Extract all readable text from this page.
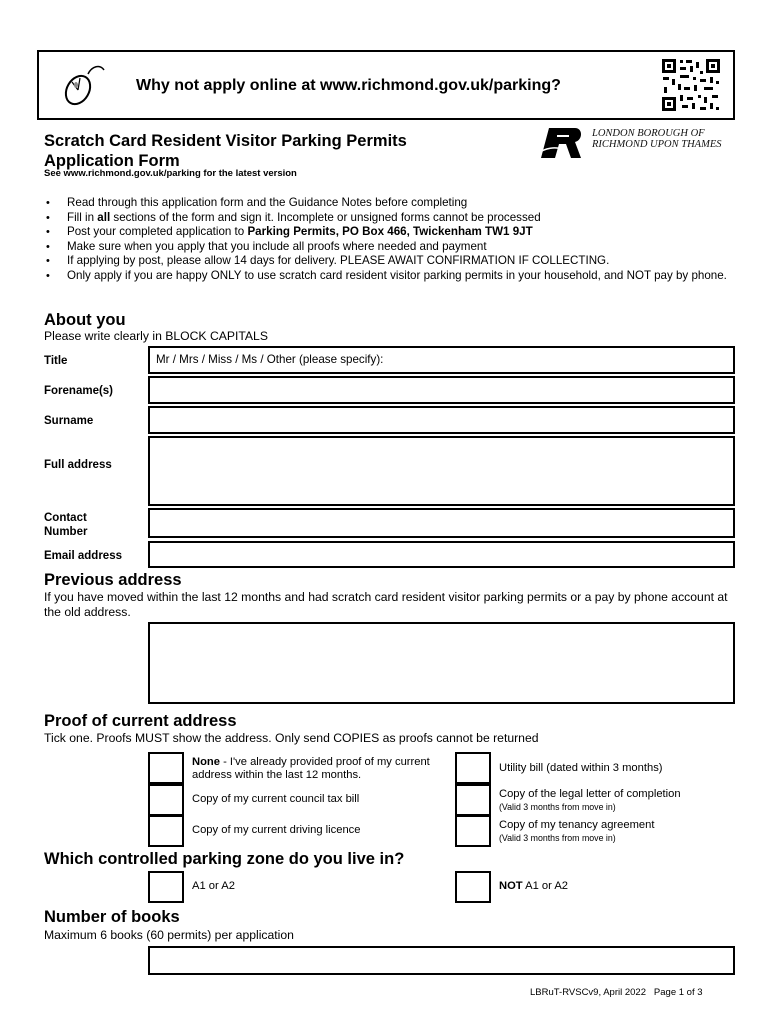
Why not apply online at www.richmond.gov.uk/parking?
Scratch Card Resident Visitor Parking Permits
Application Form
See www.richmond.gov.uk/parking for the latest version
LONDON BOROUGH OF
RICHMOND UPON THAMES
• Read through this application form and the Guidance Notes before completing
• Fill in all sections of the form and sign it. Incomplete or unsigned forms cannot be processed
• Post your completed application to Parking Permits, PO Box 466, Twickenham TW1 9JT
• Make sure when you apply that you include all proofs where needed and payment
• If applying by post, please allow 14 days for delivery. PLEASE AWAIT CONFIRMATION IF COLLECTING.
• Only apply if you are happy ONLY to use scratch card resident visitor parking permits in your household, and NOT pay by phone.
About you
Please write clearly in BLOCK CAPITALS
Title	Mr / Mrs / Miss / Ms / Other (please specify):
Forename(s)
Surname
Full address
Contact
Number
Email address
Previous address
If you have moved within the last 12 months and had scratch card resident visitor parking permits or a pay by phone account at the old address.
Proof of current address
Tick one. Proofs MUST show the address. Only send COPIES as proofs cannot be returned
None - I've already provided proof of my current address within the last 12 months.
Copy of my current council tax bill
Copy of my current driving licence
Utility bill (dated within 3 months)
Copy of the legal letter of completion
(Valid 3 months from move in)
Copy of my tenancy agreement
(Valid 3 months from move in)
Which controlled parking zone do you live in?
A1 or A2	NOT A1 or A2
Number of books
Maximum 6 books (60 permits) per application
LBRuT-RVSCv9, April 2022   Page 1 of 3
